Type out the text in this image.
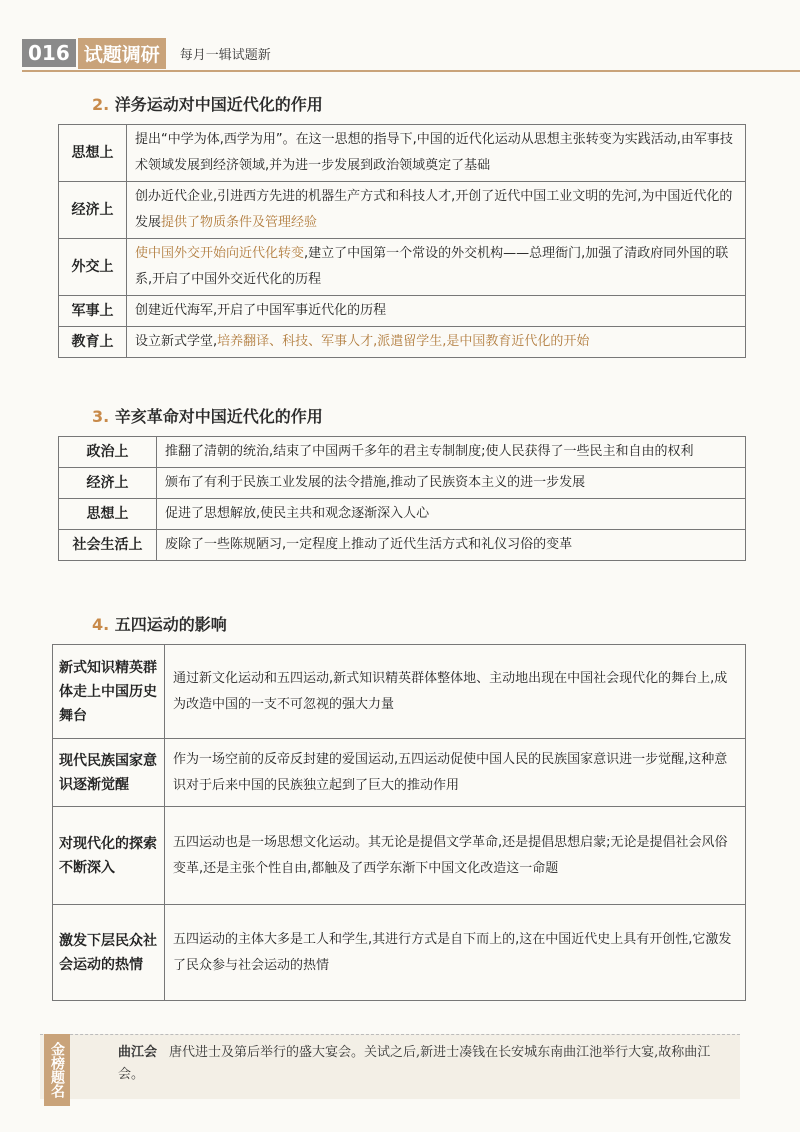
016 试题调研	每月一辑试题新
2. 洋务运动对中国近代化的作用
思想上	提出“中学为体,西学为用”。在这一思想的指导下,中国的近代化运动从思想主张转变为实践活动,由军事技术领域发展到经济领域,并为进一步发展到政治领域奠定了基础
经济上	创办近代企业,引进西方先进的机器生产方式和科技人才,开创了近代中国工业文明的先河,为中国近代化的发展提供了物质条件及管理经验
外交上	使中国外交开始向近代化转变,建立了中国第一个常设的外交机构——总理衙门,加强了清政府同外国的联系,开启了中国外交近代化的历程
军事上	创建近代海军,开启了中国军事近代化的历程
教育上	设立新式学堂,培养翻译、科技、军事人才,派遣留学生,是中国教育近代化的开始
3. 辛亥革命对中国近代化的作用
政治上	推翻了清朝的统治,结束了中国两千多年的君主专制制度;使人民获得了一些民主和自由的权利
经济上	颁布了有利于民族工业发展的法令措施,推动了民族资本主义的进一步发展
思想上	促进了思想解放,使民主共和观念逐渐深入人心
社会生活上	废除了一些陈规陋习,一定程度上推动了近代生活方式和礼仪习俗的变革
4. 五四运动的影响
新式知识精英群体走上中国历史舞台	通过新文化运动和五四运动,新式知识精英群体整体地、主动地出现在中国社会现代化的舞台上,成为改造中国的一支不可忽视的强大力量
现代民族国家意识逐渐觉醒	作为一场空前的反帝反封建的爱国运动,五四运动促使中国人民的民族国家意识进一步觉醒,这种意识对于后来中国的民族独立起到了巨大的推动作用
对现代化的探索不断深入	五四运动也是一场思想文化运动。其无论是提倡文学革命,还是提倡思想启蒙;无论是提倡社会风俗变革,还是主张个性自由,都触及了西学东渐下中国文化改造这一命题
激发下层民众社会运动的热情	五四运动的主体大多是工人和学生,其进行方式是自下而上的,这在中国近代史上具有开创性,它激发了民众参与社会运动的热情
金榜题名	曲江会 唐代进士及第后举行的盛大宴会。关试之后,新进士凑钱在长安城东南曲江池举行大宴,故称曲江会。
